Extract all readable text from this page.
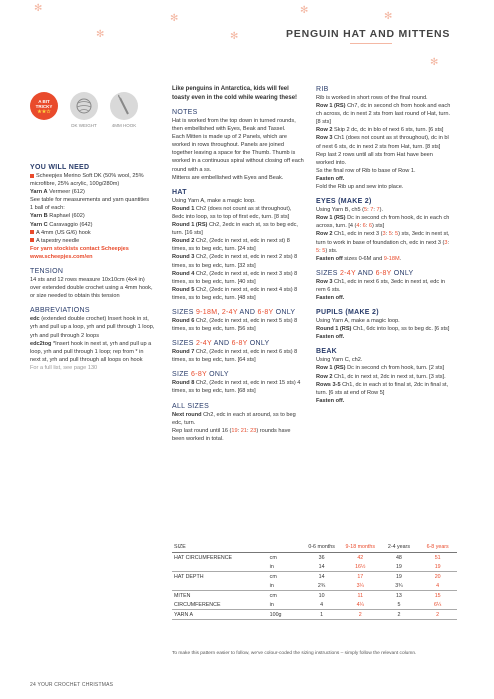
✻
✻
✻
✻
✻
✻
✻
PENGUIN HAT AND MITTENS
A BIT TRICKY
★★☆
DK WEIGHT	4MM HOOK

YOU WILL NEED

Scheepjes Merino Soft DK (50% wool, 25% microfibre, 25% acrylic, 100g/280m)

Yarn A Vermeer (612)

See table for measurements and yarn quantities

1 ball of each:

Yarn B Raphael (602)

Yarn C Caravaggio (642)

A 4mm (US G/6) hook

A tapestry needle

For yarn stockists contact Scheepjes www.scheepjes.com/en

TENSION

14 sts and 12 rows measure 10x10cm (4x4 in) over extended double crochet using a 4mm hook, or size needed to obtain this tension

ABBREVIATIONS

edc (extended double crochet) Insert hook in st, yrh and pull up a loop, yrh and pull through 1 loop, yrh and pull through 2 loops

edc2tog *Insert hook in next st, yrh and pull up a loop, yrh and pull through 1 loop; rep from * in next st, yrh and pull through all loops on hook

For a full list, see page 130

Like penguins in Antarctica, kids will feel toasty even in the cold while wearing these!

NOTES

Hat is worked from the top down in turned rounds, then embellished with Eyes, Beak and Tassel.

Each Mitten is made up of 2 Panels, which are worked in rows throughout. Panels are joined together leaving a space for the Thumb. Thumb is worked in a continuous spiral without closing off each round with a ss.

Mittens are embellished with Eyes and Beak.

HAT

Using Yarn A, make a magic loop.

Round 1 Ch2 (does not count as st throughout), 8edc into loop, ss to top of first edc, turn. [8 sts]

Round 1 (RS) Ch2, 2edc in each st, ss to beg edc, turn. [16 sts]

Round 2 Ch2, (2edc in next st, edc in next st) 8 times, ss to beg edc, turn. [24 sts]

Round 3 Ch2, (2edc in next st, edc in next 2 sts) 8 times, ss to beg edc, turn. [32 sts]

Round 4 Ch2, (2edc in next st, edc in next 3 sts) 8 times, ss to beg edc, turn. [40 sts]

Round 5 Ch2, (2edc in next st, edc in next 4 sts) 8 times, ss to beg edc, turn. [48 sts]

SIZES 9-18M, 2-4Y AND 6-8Y ONLY

Round 6 Ch2, (2edc in next st, edc in next 5 sts) 8 times, ss to beg edc, turn. [56 sts]

SIZES 2-4Y AND 6-8Y ONLY

Round 7 Ch2, (2edc in next st, edc in next 6 sts) 8 times, ss to beg edc, turn. [64 sts]

SIZE 6-8Y ONLY

Round 8 Ch2, (2edc in next st, edc in next 15 sts) 4 times, ss to beg edc, turn. [68 sts]

ALL SIZES

Next round Ch2, edc in each st around, ss to beg edc, turn.

Rep last round until 16 (19: 21: 23) rounds have been worked in total.

RIB

Rib is worked in short rows of the final round.

Row 1 (RS) Ch7, dc in second ch from hook and each ch across, dc in next 2 sts from last round of Hat, turn. [8 sts]

Row 2 Skip 2 dc, dc in blo of next 6 sts, turn. [6 sts]

Row 3 Ch1 (does not count as st throughout), dc in bl of next 6 sts, dc in next 2 sts from Hat, turn. [8 sts]

Rep last 2 rows until all sts from Hat have been worked into.

Ss the final row of Rib to base of Row 1.

Fasten off.

Fold the Rib up and sew into place.

EYES (MAKE 2)

Using Yarn B, ch5 (5: 7: 7).

Row 1 (RS) Dc in second ch from hook, dc in each ch across, turn. [4 (4: 6: 6) sts]

Row 2 Ch1, edc in next 3 (3: 5: 5) sts, 3edc in next st, turn to work in base of foundation ch, edc in next 3 (3: 5: 5) sts.

Fasten off sizes 0-6M and 9-18M.

SIZES 2-4Y AND 6-8Y ONLY

Row 3 Ch1, edc in next 6 sts, 3edc in next st, edc in rem 6 sts.

Fasten off.

PUPILS (MAKE 2)

Using Yarn A, make a magic loop.

Round 1 (RS) Ch1, 6dc into loop, ss to beg dc. [6 sts]

Fasten off.

BEAK

Using Yarn C, ch2.

Row 1 (RS) Dc in second ch from hook, turn. [2 sts]

Row 2 Ch1, dc in next st, 2dc in next st, turn. [3 sts].

Rows 3-5 Ch1, dc in each st to final st, 2dc in final st, turn. [6 sts at end of Row 5]

Fasten off.

SIZE		0-6 months	9-18 months	2-4 years	6-8 years
HAT CIRCUMFERENCE	cm	36	42	48	51
	in	14	16½	19	19
HAT DEPTH	cm	14	17	19	20
	in	2¾	3¼	3¾	4
MITEN	cm	10	11	13	15
CIRCUMFERENCE	in	4	4¼	5	6¼
YARN A	100g	1	2	2	2
To make this pattern easier to follow, we've colour-coded the sizing instructions – simply follow the relevant column.
24 YOUR CROCHET CHRISTMAS
